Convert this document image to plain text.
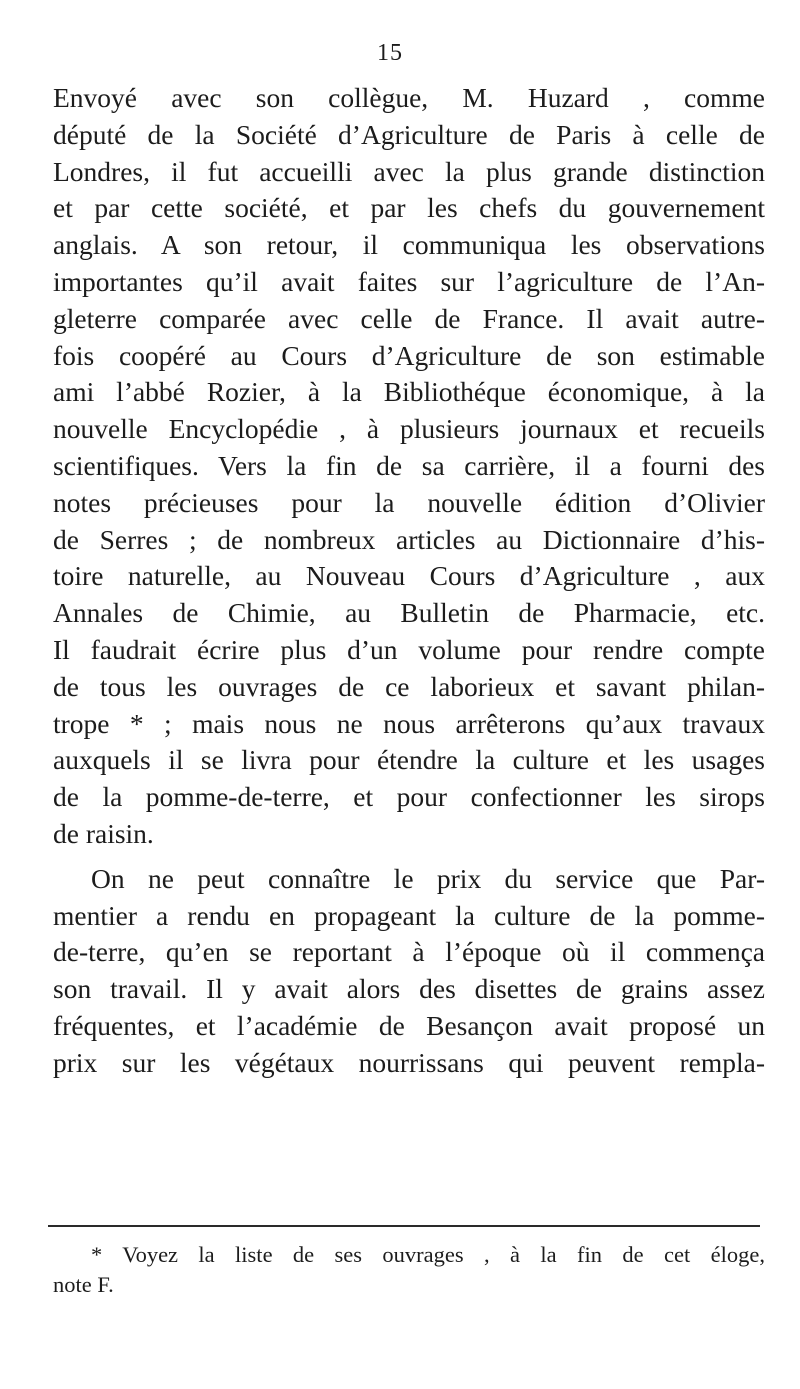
15
Envoyé avec son collègue, M. Huzard , comme
député de la Société d’Agriculture de Paris à celle de
Londres, il fut accueilli avec la plus grande distinction
et par cette société, et par les chefs du gouvernement
anglais. A son retour, il communiqua les observations
importantes qu’il avait faites sur l’agriculture de l’An-
gleterre comparée avec celle de France. Il avait autre-
fois coopéré au Cours d’Agriculture de son estimable
ami l’abbé Rozier, à la Bibliothéque économique, à la
nouvelle Encyclopédie , à plusieurs journaux et recueils
scientifiques. Vers la fin de sa carrière, il a fourni des
notes précieuses pour la nouvelle édition d’Olivier
de Serres ; de nombreux articles au Dictionnaire d’his-
toire naturelle, au Nouveau Cours d’Agriculture , aux
Annales de Chimie, au Bulletin de Pharmacie, etc.
Il faudrait écrire plus d’un volume pour rendre compte
de tous les ouvrages de ce laborieux et savant philan-
trope * ; mais nous ne nous arrêterons qu’aux travaux
auxquels il se livra pour étendre la culture et les usages
de la pomme-de-terre, et pour confectionner les sirops
de raisin.
On ne peut connaître le prix du service que Par-
mentier a rendu en propageant la culture de la pomme-
de-terre, qu’en se reportant à l’époque où il commença
son travail. Il y avait alors des disettes de grains assez
fréquentes, et l’académie de Besançon avait proposé un
prix sur les végétaux nourrissans qui peuvent rempla-
* Voyez la liste de ses ouvrages , à la fin de cet éloge,
note F.
